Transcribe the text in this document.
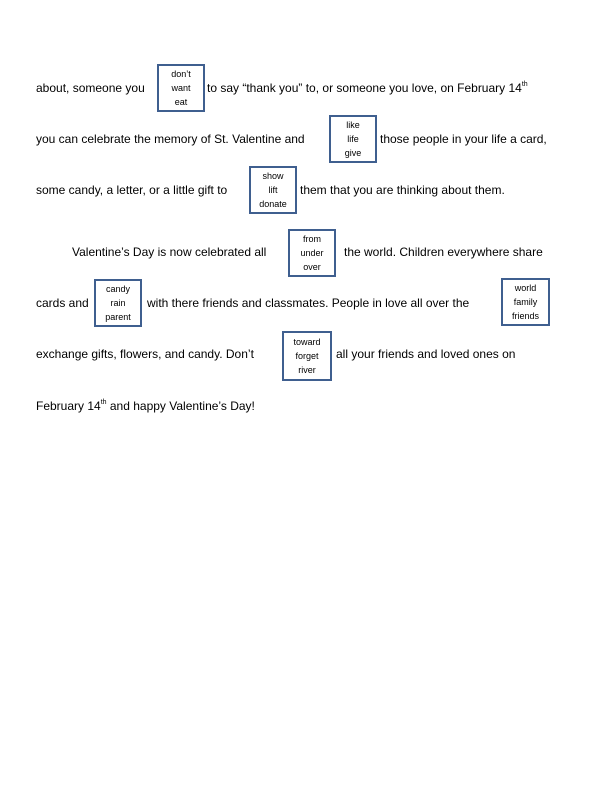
about, someone you
don’t
want
eat
to say “thank you” to, or someone you love, on February 14th
you can celebrate the memory of St. Valentine and
like
life
give
those people in your life a card,
some candy, a letter, or a little gift to
show
lift
donate
them that you are thinking about them.
Valentine’s Day is now celebrated all
from
under
over
the world. Children everywhere share
cards and
candy
rain
parent
with there friends and classmates. People in love all over the
world
family
friends
exchange gifts, flowers, and candy. Don’t
toward
forget
river
all your friends and loved ones on
February 14th and happy Valentine’s Day!
